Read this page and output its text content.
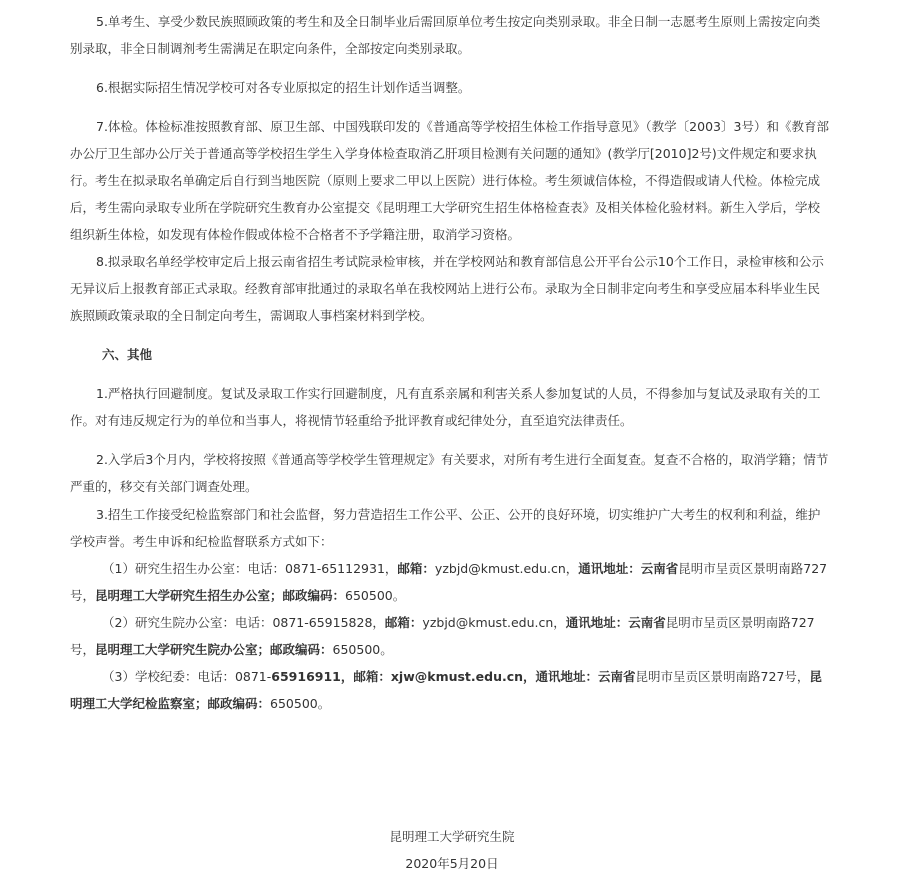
5.单考生、享受少数民族照顾政策的考生和及全日制毕业后需回原单位考生按定向类别录取。非全日制一志愿考生原则上需按定向类别录取，非全日制调剂考生需满足在职定向条件，全部按定向类别录取。

6.根据实际招生情况学校可对各专业原拟定的招生计划作适当调整。

7.体检。体检标准按照教育部、原卫生部、中国残联印发的《普通高等学校招生体检工作指导意见》（教学〔2003〕3号）和《教育部办公厅卫生部办公厅关于普通高等学校招生学生入学身体检查取消乙肝项目检测有关问题的通知》(教学厅[2010]2号)文件规定和要求执行。考生在拟录取名单确定后自行到当地医院（原则上要求二甲以上医院）进行体检。考生须诚信体检，不得造假或请人代检。体检完成后，考生需向录取专业所在学院研究生教育办公室提交《昆明理工大学研究生招生体格检查表》及相关体检化验材料。新生入学后，学校组织新生体检，如发现有体检作假或体检不合格者不予学籍注册，取消学习资格。

8.拟录取名单经学校审定后上报云南省招生考试院录检审核，并在学校网站和教育部信息公开平台公示10个工作日，录检审核和公示无异议后上报教育部正式录取。经教育部审批通过的录取名单在我校网站上进行公布。录取为全日制非定向考生和享受应届本科毕业生民族照顾政策录取的全日制定向考生，需调取人事档案材料到学校。

六、其他

1.严格执行回避制度。复试及录取工作实行回避制度，凡有直系亲属和利害关系人参加复试的人员，不得参加与复试及录取有关的工作。对有违反规定行为的单位和当事人，将视情节轻重给予批评教育或纪律处分，直至追究法律责任。

2.入学后3个月内，学校将按照《普通高等学校学生管理规定》有关要求，对所有考生进行全面复查。复查不合格的，取消学籍；情节严重的，移交有关部门调查处理。

3.招生工作接受纪检监察部门和社会监督，努力营造招生工作公平、公正、公开的良好环境，切实维护广大考生的权利和利益，维护学校声誉。考生申诉和纪检监督联系方式如下：

（1）研究生招生办公室：电话：0871-65112931，邮箱：yzbjd@kmust.edu.cn，通讯地址：云南省昆明市呈贡区景明南路727号，昆明理工大学研究生招生办公室；邮政编码：650500。

（2）研究生院办公室：电话：0871-65915828，邮箱：yzbjd@kmust.edu.cn，通讯地址：云南省昆明市呈贡区景明南路727号，昆明理工大学研究生院办公室；邮政编码：650500。

（3）学校纪委：电话：0871-65916911，邮箱：xjw@kmust.edu.cn，通讯地址：云南省昆明市呈贡区景明南路727号，昆明理工大学纪检监察室；邮政编码：650500。

昆明理工大学研究生院
2020年5月20日
